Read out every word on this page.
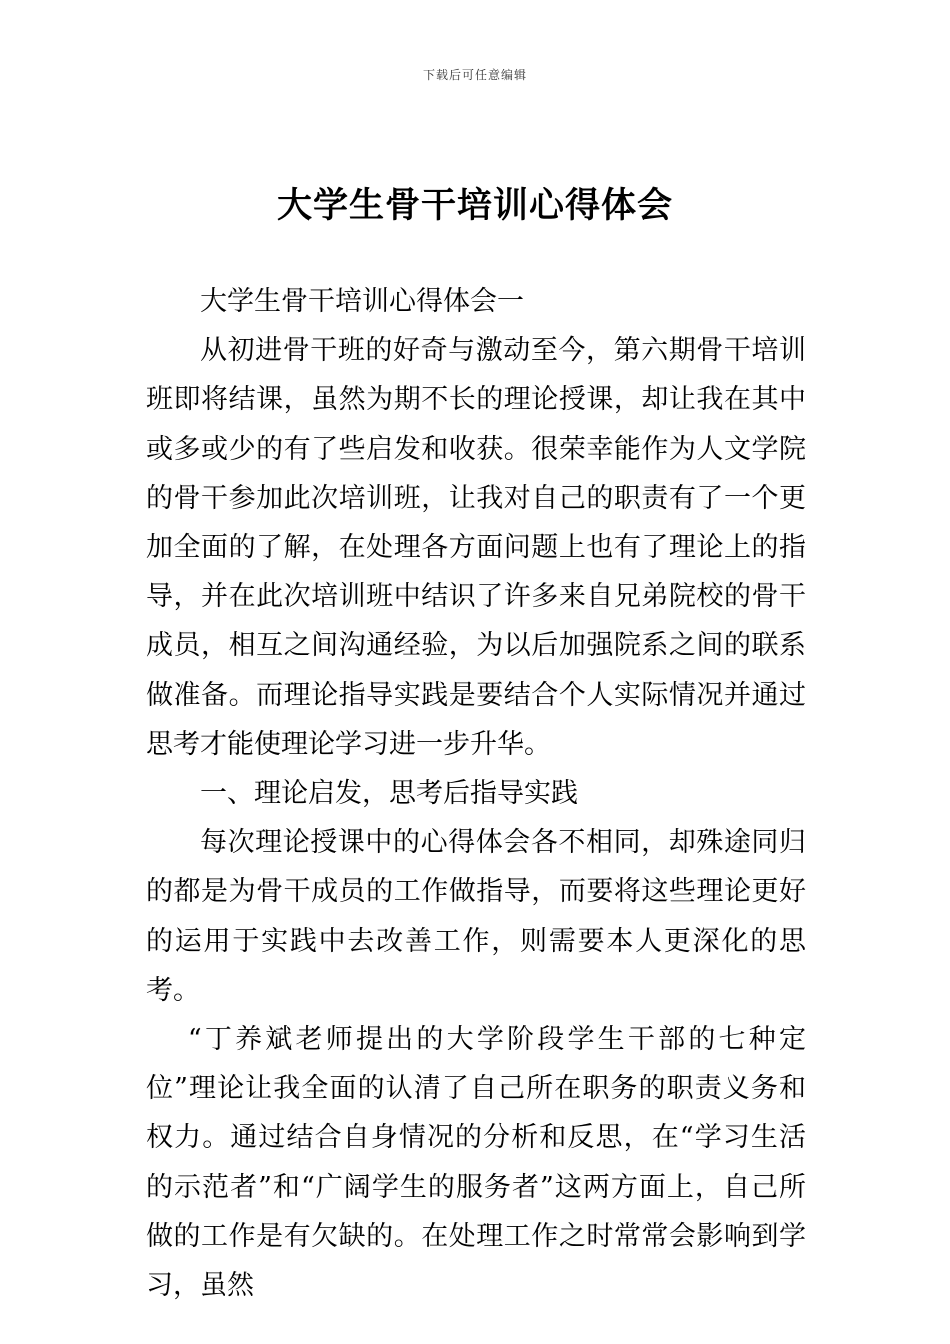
下载后可任意编辑
大学生骨干培训心得体会

大学生骨干培训心得体会一

从初进骨干班的好奇与激动至今，第六期骨干培训班即将结课，虽然为期不长的理论授课，却让我在其中或多或少的有了些启发和收获。很荣幸能作为人文学院的骨干参加此次培训班，让我对自己的职责有了一个更加全面的了解，在处理各方面问题上也有了理论上的指导，并在此次培训班中结识了许多来自兄弟院校的骨干成员，相互之间沟通经验，为以后加强院系之间的联系做准备。而理论指导实践是要结合个人实际情况并通过思考才能使理论学习进一步升华。

一、理论启发，思考后指导实践

每次理论授课中的心得体会各不相同，却殊途同归的都是为骨干成员的工作做指导，而要将这些理论更好的运用于实践中去改善工作，则需要本人更深化的思考。

“丁养斌老师提出的大学阶段学生干部的七种定位”理论让我全面的认清了自己所在职务的职责义务和权力。通过结合自身情况的分析和反思，在“学习生活的示范者”和“广阔学生的服务者”这两方面上，自己所做的工作是有欠缺的。在处理工作之时常常会影响到学习，虽然
